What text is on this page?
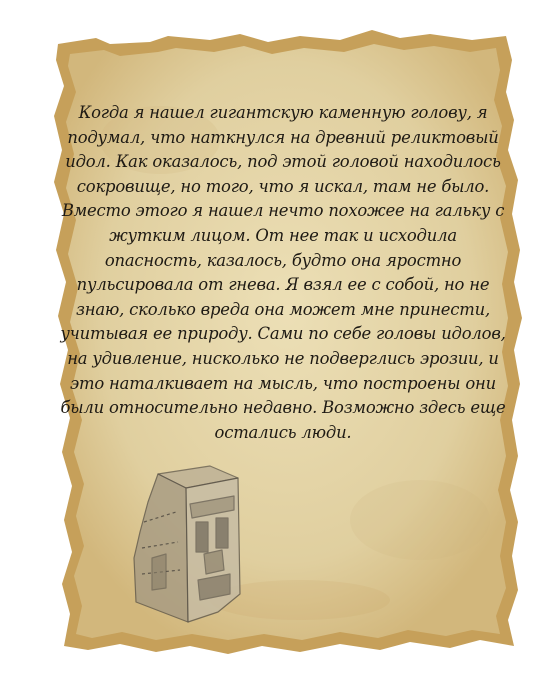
Когда я нашел гигантскую каменную голову, я подумал, что наткнулся на древний реликтовый идол. Как оказалось, под этой головой находилось сокровище, но того, что я искал, там не было. Вместо этого я нашел нечто похожее на гальку с жутким лицом. От нее так и исходила опасность, казалось, будто она яростно пульсировала от гнева. Я взял ее с собой, но не знаю, сколько вреда она может мне принести, учитывая ее природу. Сами по себе головы идолов, на удивление, нисколько не подверглись эрозии, и это наталкивает на мысль, что построены они были относительно недавно. Возможно здесь еще остались люди.
